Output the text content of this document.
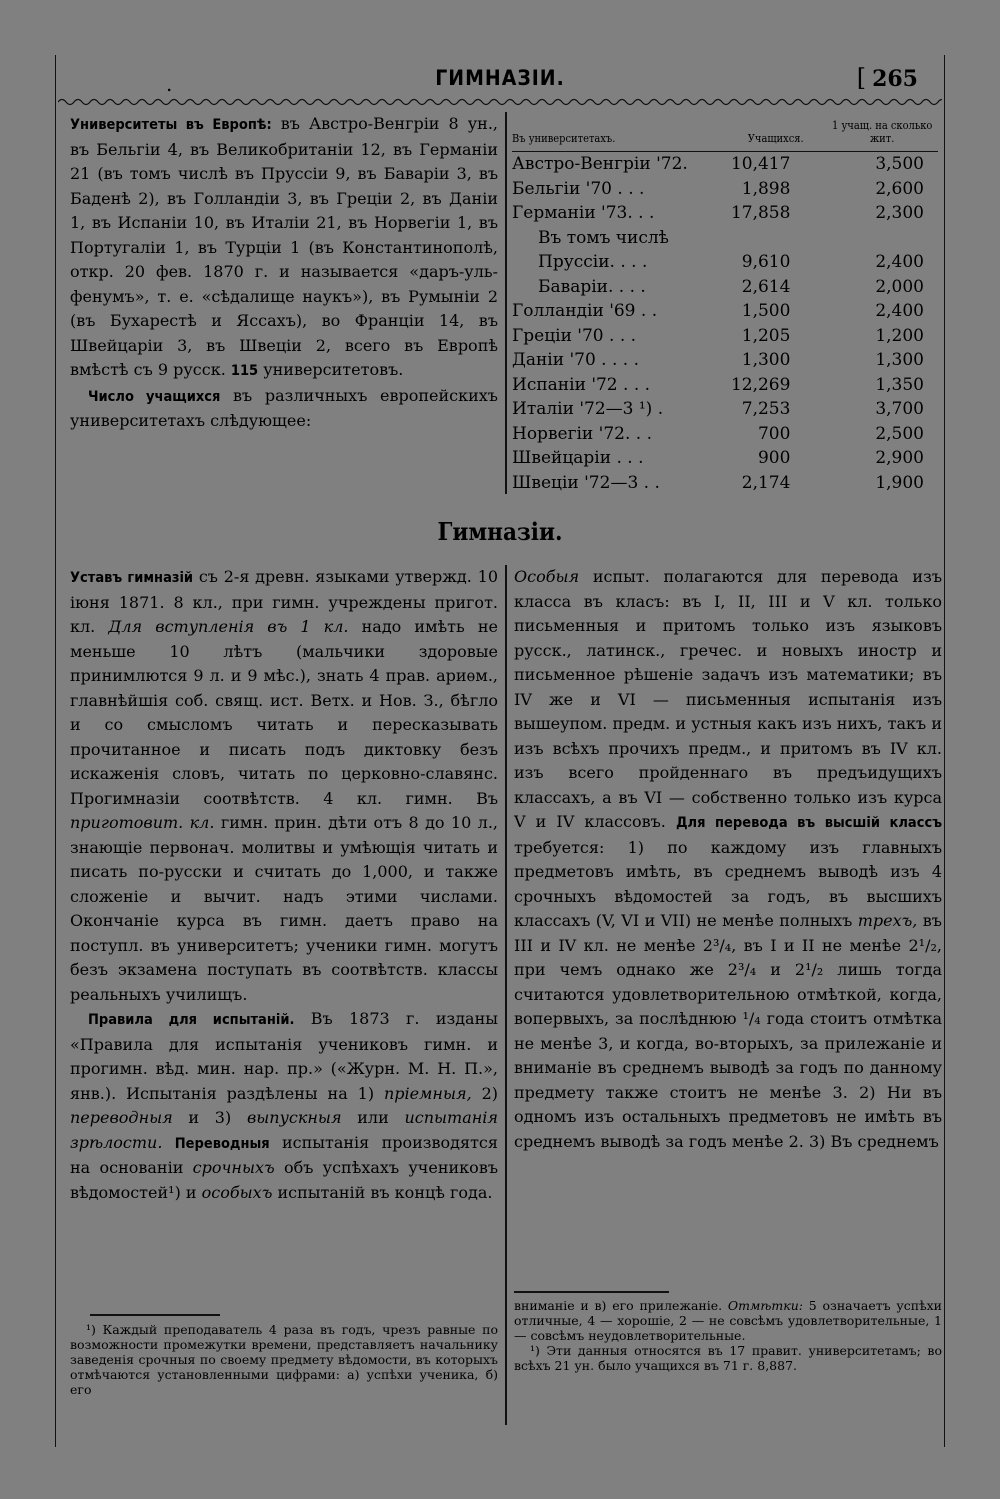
.	ГИМНАЗIИ.	[ 265

Университеты въ Европѣ: въ Австро-Венгріи 8 ун., въ Бельгіи 4, въ Великобританіи 12, въ Германіи 21 (въ томъ числѣ въ Пруссіи 9, въ Баваріи 3, въ Баденѣ 2), въ Голландіи 3, въ Греціи 2, въ Даніи 1, въ Испаніи 10, въ Италіи 21, въ Норвегіи 1, въ Португаліи 1, въ Турціи 1 (въ Константинополѣ, откр. 20 фев. 1870 г. и называется «даръ-уль-фенумъ», т. е. «сѣдалище наукъ»), въ Румыніи 2 (въ Бухарестѣ и Яссахъ), во Франціи 14, въ Швейцаріи 3, въ Швеціи 2, всего въ Европѣ вмѣстѣ съ 9 русск. 115 университетовъ.

Число учащихся въ различныхъ европейскихъ университетахъ слѣдующее:

Въ университетахъ.	Учащихся.	1 учащ. на сколько жит.
Австро-Венгріи '72.	10,417	3,500
Бельгіи '70 . . .	1,898	2,600
Германіи '73. . .	17,858	2,300
Въ томъ числѣ		
Пруссіи. . . .	9,610	2,400
Баваріи. . . .	2,614	2,000
Голландіи '69 . .	1,500	2,400
Греціи '70 . . .	1,205	1,200
Даніи '70 . . . .	1,300	1,300
Испаніи '72 . . .	12,269	1,350
Италіи '72—3 ¹) .	7,253	3,700
Норвегіи '72. . .	700	2,500
Швейцаріи . . .	900	2,900
Швеціи '72—3 . .	2,174	1,900
Гимназіи.

Уставъ гимназій съ 2-я древн. языками утвержд. 10 іюня 1871. 8 кл., при гимн. учреждены пригот. кл. Для вступленія въ 1 кл. надо имѣть не меньше 10 лѣтъ (мальчики здоровые принимлются 9 л. и 9 мѣс.), знать 4 прав. ариѳм., главнѣйшія соб. свящ. ист. Ветх. и Нов. З., бѣгло и со смысломъ читать и пересказывать прочитанное и писать подъ диктовку безъ искаженія словъ, читать по церковно-славянс. Прогимназіи соотвѣтств. 4 кл. гимн. Въ приготовит. кл. гимн. прин. дѣти отъ 8 до 10 л., знающіе первонач. молитвы и умѣющія читать и писать по-русски и считать до 1,000, и также сложеніе и вычит. надъ этими числами. Окончаніе курса въ гимн. даетъ право на поступл. въ университетъ; ученики гимн. могутъ безъ экзамена поступать въ соотвѣтств. классы реальныхъ училищъ.

Правила для испытаній. Въ 1873 г. изданы «Правила для испытанія учениковъ гимн. и прогимн. вѣд. мин. нар. пр.» («Журн. М. Н. П.», янв.). Испытанія раздѣлены на 1) пріемныя, 2) переводныя и 3) выпускныя или испытанія зрѣлости. Переводныя испытанія производятся на основаніи срочныхъ объ успѣхахъ учениковъ вѣдомостей¹) и особыхъ испытаній въ концѣ года.

Особыя испыт. полагаются для перевода изъ класса въ класъ: въ I, II, III и V кл. только письменныя и притомъ только изъ языковъ русск., латинск., гречес. и новыхъ иностр и письменное рѣшеніе задачъ изъ математики; въ IV же и VI — письменныя испытанія изъ вышеупом. предм. и устныя какъ изъ нихъ, такъ и изъ всѣхъ прочихъ предм., и притомъ въ IV кл. изъ всего пройденнаго въ предъидущихъ классахъ, а въ VI — собственно только изъ курса V и IV классовъ. Для перевода въ высшій классъ требуется: 1) по каждому изъ главныхъ предметовъ имѣть, въ среднемъ выводѣ изъ 4 срочныхъ вѣдомостей за годъ, въ высшихъ классахъ (V, VI и VII) не менѣе полныхъ трехъ, въ III и IV кл. не менѣе 2³/₄, въ I и II не менѣе 2¹/₂, при чемъ однако же 2³/₄ и 2¹/₂ лишь тогда считаются удовлетворительною отмѣткой, когда, вопервыхъ, за послѣднюю ¹/₄ года стоитъ отмѣтка не менѣе 3, и когда, во-вторыхъ, за прилежаніе и вниманіе въ среднемъ выводѣ за годъ по данному предмету также стоитъ не менѣе 3. 2) Ни въ одномъ изъ остальныхъ предметовъ не имѣть въ среднемъ выводѣ за годъ менѣе 2. 3) Въ среднемъ

¹) Каждый преподаватель 4 раза въ годъ, чрезъ равные по возможности промежутки времени, представляетъ начальнику заведенія срочныя по своему предмету вѣдомости, въ которыхъ отмѣчаются установленными цифрами: а) успѣхи ученика, б) его

вниманіе и в) его прилежаніе. Отмѣтки: 5 означаетъ успѣхи отличные, 4 — хорошіе, 2 — не совсѣмъ удовлетворительные, 1 — совсѣмъ неудовлетворительные.

¹) Эти данныя относятся въ 17 правит. университетамъ; во всѣхъ 21 ун. было учащихся въ 71 г. 8,887.
